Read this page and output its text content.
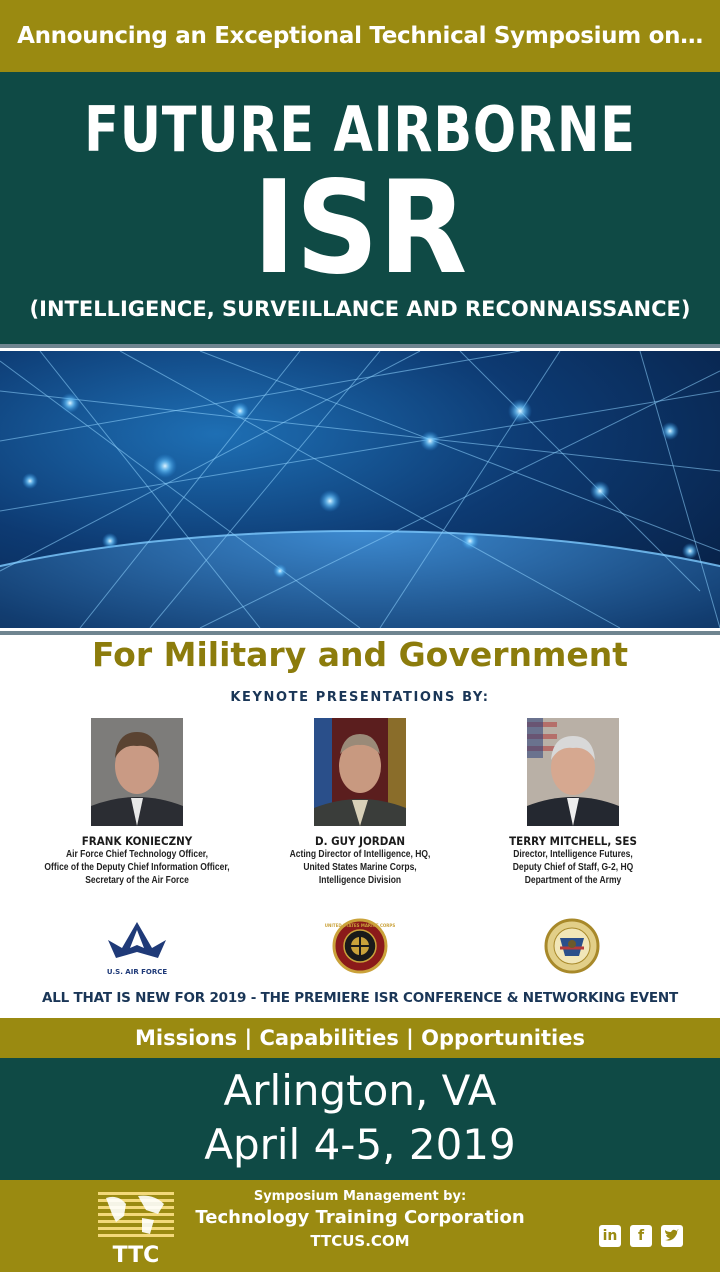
Announcing an Exceptional Technical Symposium on…
FUTURE AIRBORNE
ISR
(INTELLIGENCE, SURVEILLANCE AND RECONNAISSANCE)
For Military and Government
KEYNOTE PRESENTATIONS BY:
FRANK KONIECZNY
Air Force Chief Technology Officer,
Office of the Deputy Chief Information Officer,
Secretary of the Air Force
D. GUY JORDAN
Acting Director of Intelligence, HQ,
United States Marine Corps,
Intelligence Division
TERRY MITCHELL, SES
Director, Intelligence Futures,
Deputy Chief of Staff, G-2, HQ
Department of the Army
U.S. AIR FORCE
UNITED STATES MARINE CORPS
ALL THAT IS NEW FOR 2019 - THE PREMIERE ISR CONFERENCE & NETWORKING EVENT
Missions | Capabilities | Opportunities
Arlington, VA
April 4-5, 2019
TTC
Symposium Management by:
Technology Training Corporation
TTCUS.COM	in	f
